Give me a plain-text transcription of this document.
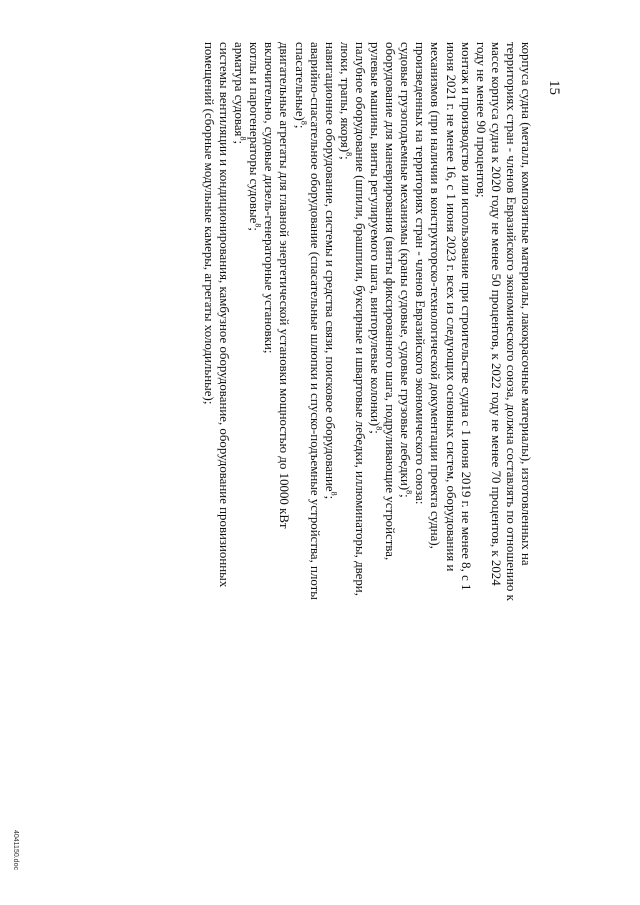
15

корпуса судна (металл, композитные материалы, лакокрасочные материалы), изготовленных на территориях стран - членов Евразийского экономического союза, должна составлять по отношению к массе корпуса судна к 2020 году не менее 50 процентов, к 2022 году не менее 70 процентов, к 2024 году не менее 90 процентов;

монтаж и производство или использование при строительстве судна с 1 июня 2019 г. не менее 8, с 1 июня 2021 г. не менее 16, с 1 июня 2023 г. всех из следующих основных систем, оборудования и механизмов (при наличии в конструкторско-технологической документации проекта судна), произведенных на территориях стран - членов Евразийского экономического союза:

судовые грузоподъемные механизмы (краны судовые, судовые грузовые лебедки)$^8$;

оборудование для маневрирования (винты фиксированного шага, подруливающие устройства, рулевые машины, винты регулируемого шага, винторулевые колонки)$^8$;

палубное оборудование (шпили, брашпили, буксирные и швартовые лебедки, иллюминаторы, двери, люки, трапы, якоря)$^8$;

навигационное оборудование, системы и средства связи, поисковое оборудование$^8$;

аварийно-спасательное оборудование (спасательные шлюпки и спуско-подъемные устройства, плоты спасательные)$^8$;

двигательные агрегаты для главной энергетической установки мощностью до 10000 кВт включительно, судовые дизель-генераторные установки;

котлы и парогенераторы судовые$^8$;

арматура судовая$^8$;

системы вентиляции и кондиционирования, камбузное оборудование, оборудование провизионных помещений (сборные модульные камеры, агрегаты холодильные);

4041150.doc
